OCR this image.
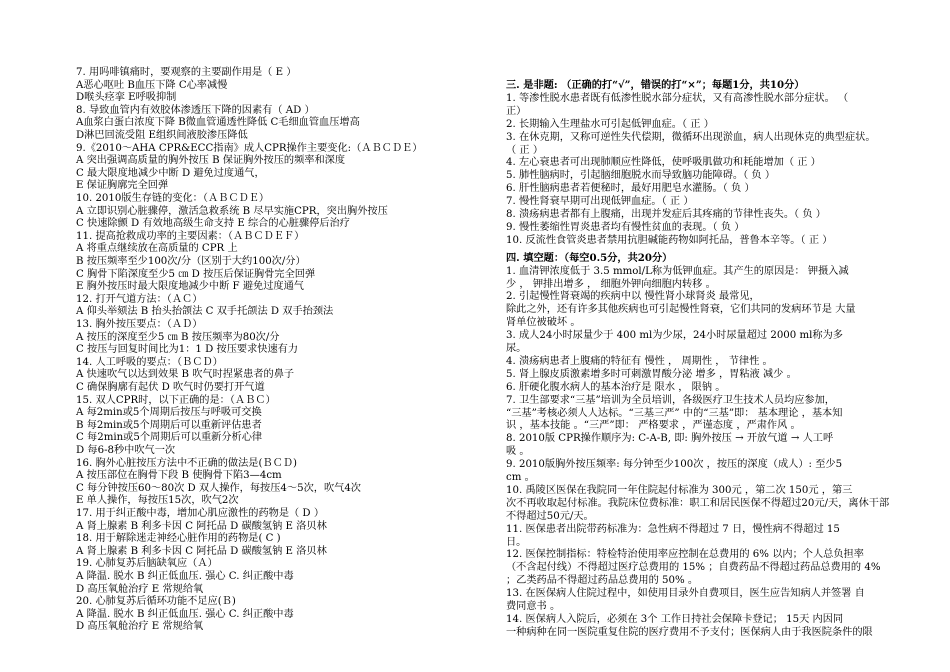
7. 用吗啡镇痛时，要观察的主要副作用是（ E ）
A恶心呕吐 B血压下降 C心率减慢
D喉头痉挛 E呼吸抑制
8. 导致血管内有效胶体渗透压下降的因素有（ AD ）
A血浆白蛋白浓度下降 B微血管通透性降低 C毛细血管血压增高
D淋巴回流受阻 E组织间液胶渗压降低
9.《2010～AHA CPR&ECC指南》成人CPR操作主要变化:（ＡＢＣＤＥ）
A 突出强调高质量的胸外按压 B 保证胸外按压的频率和深度
C 最大限度地减少中断 D 避免过度通气，
E 保证胸廓完全回弹
10. 2010版生存链的变化：（ＡＢＣＤＥ）
A 立即识别心脏骤停，激活急救系统 B 尽早实施CPR，突出胸外按压
C 快速除颤 D 有效地高级生命支持 E 综合的心脏骤停后治疗
11. 提高抢救成功率的主要因素：（ＡＢＣＤＥＦ）
A 将重点继续放在高质量的 CPR 上
B 按压频率至少100次/分（区别于大约100次/分）
C 胸骨下陷深度至少5 ㎝ D 按压后保证胸骨完全回弹
E 胸外按压时最大限度地减少中断 F 避免过度通气
12. 打开气道方法：（ＡＣ）
A 仰头举颏法 B 抬头抬颌法 C 双手托颌法 D 双手抬颈法
13. 胸外按压要点：（ＡＤ）
A 按压的深度至少5 ㎝ B 按压频率为80次/分
C 按压与回复时间比为1：1 D 按压要求快速有力
14. 人工呼吸的要点：（ＢＣＤ）
A 快速吹气以达到效果 B 吹气时捏紧患者的鼻子
C 确保胸廓有起伏 D 吹气时仍要打开气道
15. 双人CPR时，以下正确的是：（ＡＢＣ）
A 每2min或5个周期后按压与呼吸可交换
B 每2min或5个周期后可以重新评估患者
C 每2min或5个周期后可以重新分析心律
D 每6-8秒中吹气一次
16. 胸外心脏按压方法中不正确的做法是(ＢＣＤ)
A 按压部位在胸骨下段 B 使胸骨下陷3—4cm
C 每分钟按压60～80次 D 双人操作，每按压4～5次，吹气4次
E 单人操作，每按压15次，吹气2次
17. 用于纠正酸中毒，增加心肌应激性的药物是（ D ）
A 肾上腺素 B 利多卡因 C 阿托品 D 碳酸氢钠 E 洛贝林
18. 用于解除迷走神经心脏作用的药物是( C )
A 肾上腺素 B 利多卡因 C 阿托品 D 碳酸氢钠 E 洛贝林
19. 心肺复苏后脑缺氧应（Ａ）
A 降温. 脱水 B 纠正低血压. 强心 C. 纠正酸中毒
D 高压氧舱治疗 E 常规给氧
20. 心肺复苏后循环功能不足应(Ｂ)
A 降温. 脱水 B 纠正低血压. 强心 C. 纠正酸中毒
D 高压氧舱治疗 E 常规给氧
三. 是非题: （正确的打“√”，错误的打“×”；每题1分，共10分）
1. 等渗性脱水患者既有低渗性脱水部分症状，又有高渗性脱水部分症状。 （
正）
2. 长期输入生理盐水可引起低钾血症。（ 正 ）
3. 在休克期，又称可逆性失代偿期，微循环出现淤血，病人出现休克的典型症状。
（ 正 ）
4. 左心衰患者可出现肺顺应性降低，使呼吸肌做功和耗能增加（ 正 ）
5. 肺性脑病时，引起脑细胞脱水而导致脑功能障碍。（ 负 ）
6. 肝性脑病患者若便秘时，最好用肥皂水灌肠。（ 负 ）
7. 慢性肾衰早期可出现低钾血症。（ 正 ）
8. 溃疡病患者都有上腹痛，出现并发症后其疼痛的节律性丧失。（ 负 ）
9. 慢性萎缩性胃炎患者均有慢性贫血的表现。（ 负 ）
10. 反流性食管炎患者禁用抗胆碱能药物如阿托品，普鲁本辛等。（ 正 ）
四. 填空题：（每空0.5分，共20分）
1. 血清钾浓度低于 3.5 mmol/L称为低钾血症。其产生的原因是： 钾摄入减
少 ， 钾排出增多 ， 细胞外钾向细胞内转移 。
2. 引起慢性肾衰竭的疾病中以 慢性肾小球肾炎 最常见，
除此之外，还有许多其他疾病也可引起慢性肾衰，它们共同的发病环节是 大量
肾单位被破坏 。
3. 成人24小时尿量少于 400 ml为少尿，24小时尿量超过 2000 ml称为多
尿。
4. 溃疡病患者上腹痛的特征有 慢性 ， 周期性 ， 节律性 。
5. 肾上腺皮质激素增多时可刺激胃酸分泌 增多 ，胃粘液 减少 。
6. 肝硬化腹水病人的基本治疗是 限水 ， 限钠 。
7. 卫生部要求“三基”培训为全员培训，各级医疗卫生技术人员均应参加，
“三基”考核必须人人达标。“三基三严” 中的“三基”即： 基本理论 ，基本知
识 ，基本技能 。“三严”即： 严格要求 ，严谨态度 ，严肃作风 。
8. 2010版 CPR操作顺序为: C-A-B, 即: 胸外按压 → 开放气道 → 人工呼
吸 。
9. 2010版胸外按压频率: 每分钟至少100次 ，按压的深度（成人）: 至少5
cm 。
10. 禹陵区医保在我院同一年住院起付标准为 300元 ，第二次 150元 ，第三
次不再收取起付标准。我院床位费标准：职工和居民医保不得超过20元/天，离休干部
不得超过50元/天。
11. 医保患者出院带药标准为：急性病不得超过 7 日，慢性病不得超过 15
日。
12. 医保控制指标：特检特治使用率应控制在总费用的 6% 以内；个人总负担率
（不含起付线）不得超过医疗总费用的 15% ；自费药品不得超过药品总费用的 4%
；乙类药品不得超过药品总费用的 50% 。
13. 在医保病人住院过程中，如使用目录外自费项目，医生应告知病人并签署 自
费同意书 。
14. 医保病人入院后，必须在 3个 工作日持社会保障卡登记； 15天 内因同
一种病种在同一医院重复住院的医疗费用不予支付；医保病人由于我医院条件的限
